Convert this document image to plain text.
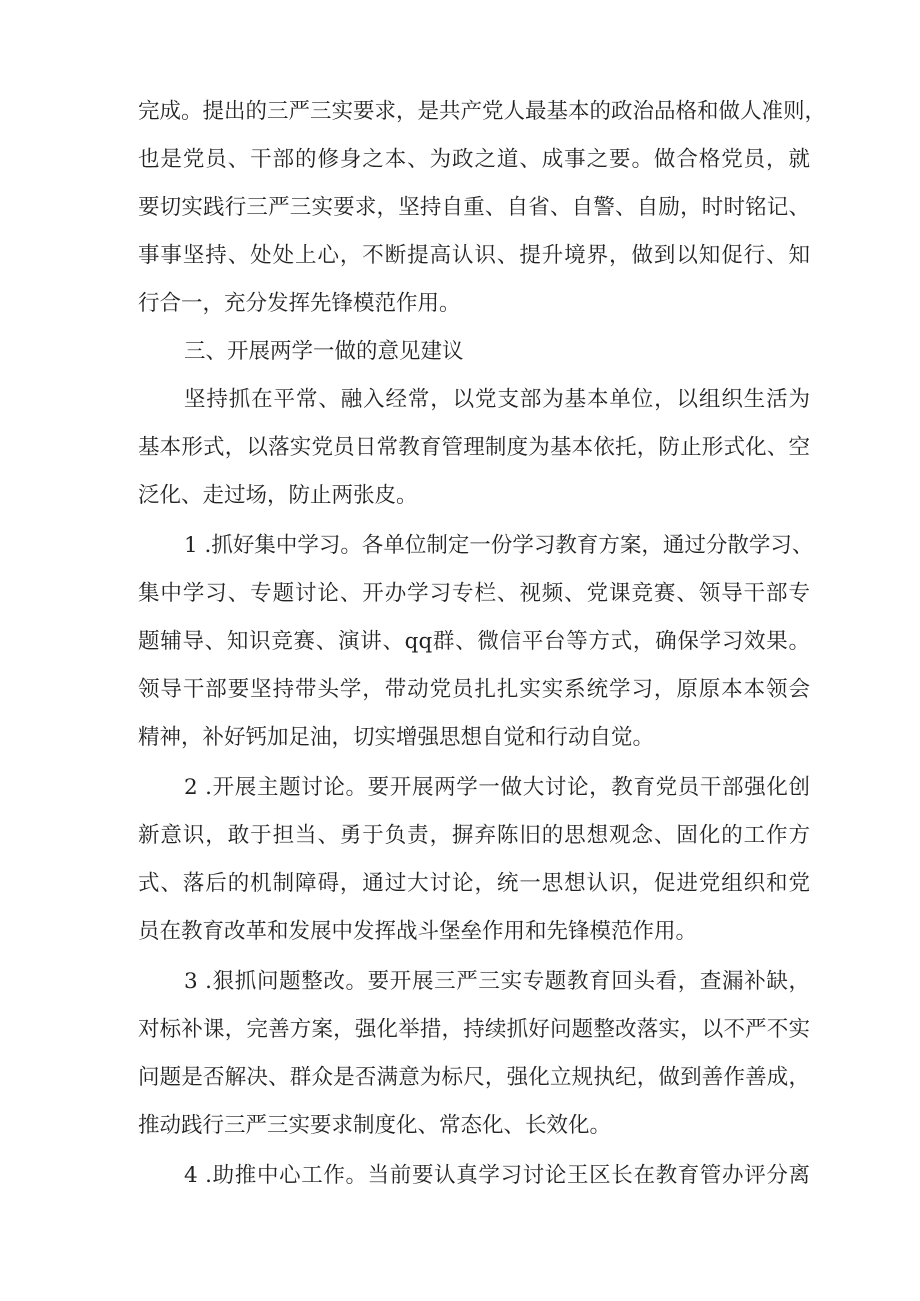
完成。提出的三严三实要求，是共产党人最基本的政治品格和做人准则，
也是党员、干部的修身之本、为政之道、成事之要。做合格党员，就
要切实践行三严三实要求，坚持自重、自省、自警、自励，时时铭记、
事事坚持、处处上心，不断提高认识、提升境界，做到以知促行、知
行合一，充分发挥先锋模范作用。
三、开展两学一做的意见建议
坚持抓在平常、融入经常，以党支部为基本单位，以组织生活为
基本形式，以落实党员日常教育管理制度为基本依托，防止形式化、空
泛化、走过场，防止两张皮。
1 .抓好集中学习。各单位制定一份学习教育方案，通过分散学习、
集中学习、专题讨论、开办学习专栏、视频、党课竞赛、领导干部专
题辅导、知识竞赛、演讲、qq群、微信平台等方式，确保学习效果。
领导干部要坚持带头学，带动党员扎扎实实系统学习，原原本本领会
精神，补好钙加足油，切实增强思想自觉和行动自觉。
2 .开展主题讨论。要开展两学一做大讨论，教育党员干部强化创
新意识，敢于担当、勇于负责，摒弃陈旧的思想观念、固化的工作方
式、落后的机制障碍，通过大讨论，统一思想认识，促进党组织和党
员在教育改革和发展中发挥战斗堡垒作用和先锋模范作用。
3 .狠抓问题整改。要开展三严三实专题教育回头看，查漏补缺，
对标补课，完善方案，强化举措，持续抓好问题整改落实，以不严不实
问题是否解决、群众是否满意为标尺，强化立规执纪，做到善作善成，
推动践行三严三实要求制度化、常态化、长效化。
4 .助推中心工作。当前要认真学习讨论王区长在教育管办评分离
